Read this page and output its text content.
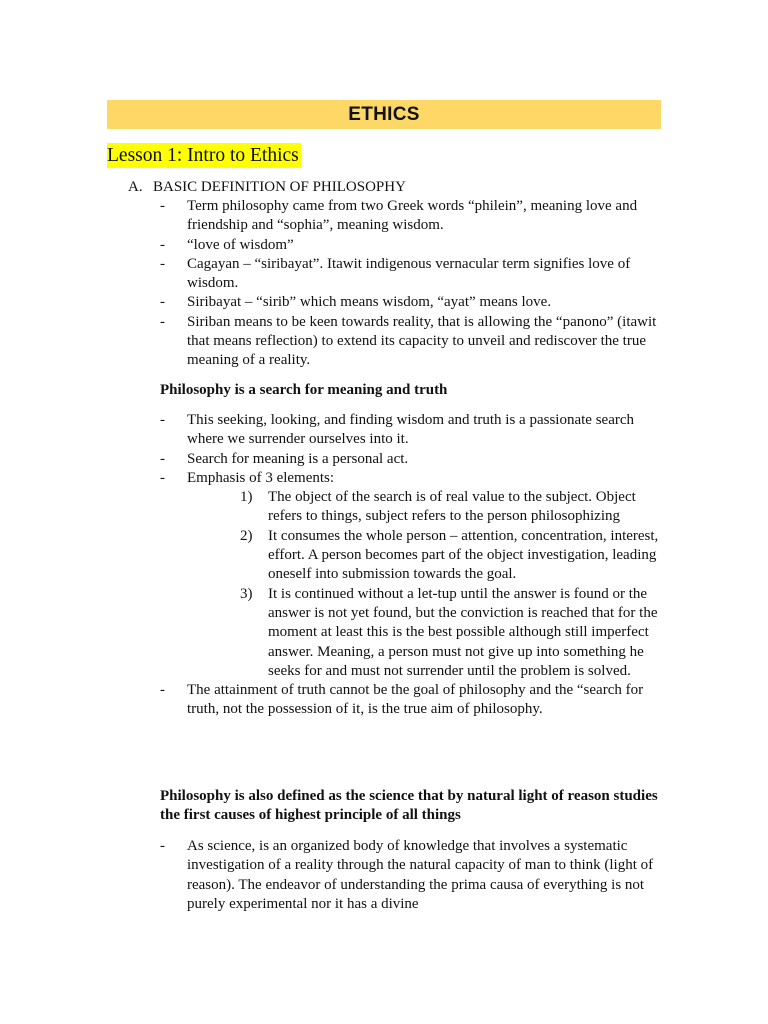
ETHICS
Lesson 1: Intro to Ethics
A. BASIC DEFINITION OF PHILOSOPHY
-	Term philosophy came from two Greek words “philein”, meaning love and friendship and “sophia”, meaning wisdom.
-	“love of wisdom”
-	Cagayan – “siribayat”. Itawit indigenous vernacular term signifies love of wisdom.
-	Siribayat – “sirib” which means wisdom, “ayat” means love.
-	Siriban means to be keen towards reality, that is allowing the “panono” (itawit that means reflection) to extend its capacity to unveil and rediscover the true meaning of a reality.
Philosophy is a search for meaning and truth
-	This seeking, looking, and finding wisdom and truth is a passionate search where we surrender ourselves into it.
-	Search for meaning is a personal act.
-	Emphasis of 3 elements:
1)	The object of the search is of real value to the subject. Object refers to things, subject refers to the person philosophizing
2)	It consumes the whole person – attention, concentration, interest, effort. A person becomes part of the object investigation, leading oneself into submission towards the goal.
3)	It is continued without a let-tup until the answer is found or the answer is not yet found, but the conviction is reached that for the moment at least this is the best possible although still imperfect answer. Meaning, a person must not give up into something he seeks for and must not surrender until the problem is solved.
-	The attainment of truth cannot be the goal of philosophy and the “search for truth, not the possession of it, is the true aim of philosophy.
Philosophy is also defined as the science that by natural light of reason studies the first causes of highest principle of all things
-	As science, is an organized body of knowledge that involves a systematic investigation of a reality through the natural capacity of man to think (light of reason). The endeavor of understanding the prima causa of everything is not purely experimental nor it has a divine
